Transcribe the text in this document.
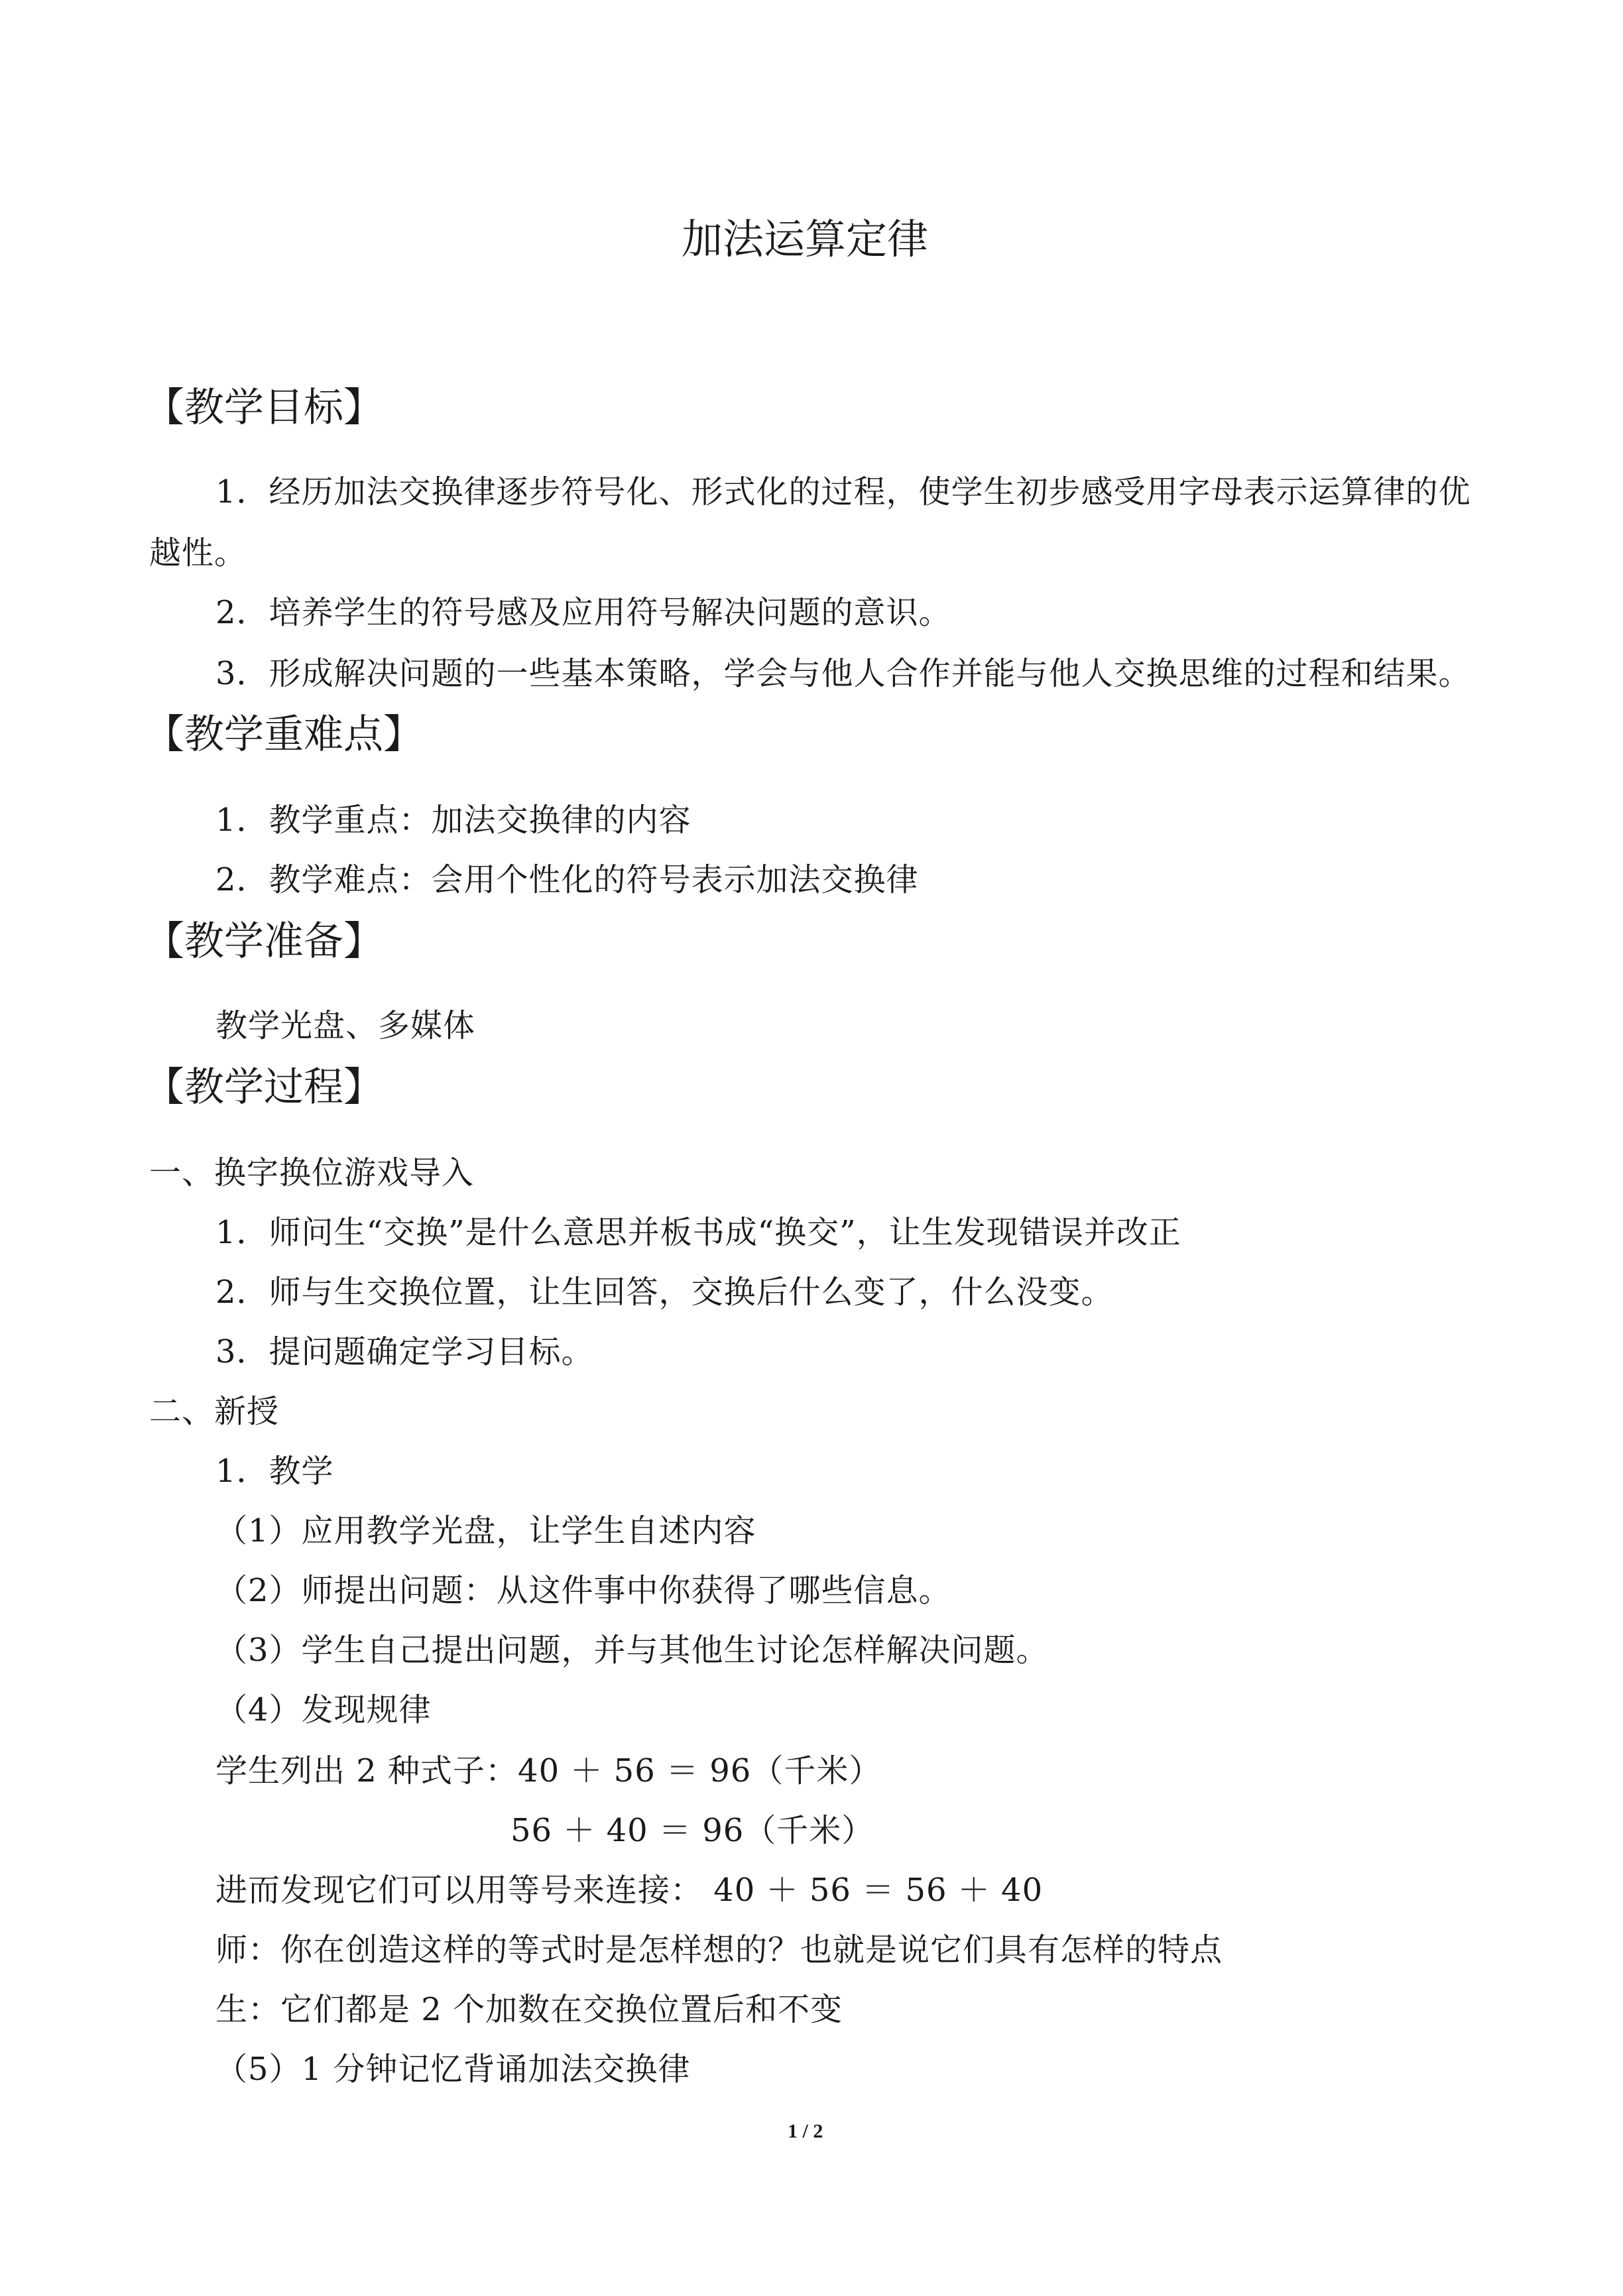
加法运算定律
【教学目标】
1．经历加法交换律逐步符号化、形式化的过程，使学生初步感受用字母表示运算律的优
越性。
2．培养学生的符号感及应用符号解决问题的意识。
3．形成解决问题的一些基本策略，学会与他人合作并能与他人交换思维的过程和结果。
【教学重难点】
1．教学重点：加法交换律的内容
2．教学难点：会用个性化的符号表示加法交换律
【教学准备】
教学光盘、多媒体
【教学过程】
一、换字换位游戏导入
1．师问生“交换”是什么意思并板书成“换交”，让生发现错误并改正
2．师与生交换位置，让生回答，交换后什么变了，什么没变。
3．提问题确定学习目标。
二、新授
1．教学
（1）应用教学光盘，让学生自述内容
（2）师提出问题：从这件事中你获得了哪些信息。
（3）学生自己提出问题，并与其他生讨论怎样解决问题。
（4）发现规律
学生列出 2 种式子：40 ＋ 56 ＝ 96（千米）
56 ＋ 40 ＝ 96（千米）
进而发现它们可以用等号来连接： 40 ＋ 56 ＝ 56 ＋ 40
师：你在创造这样的等式时是怎样想的？也就是说它们具有怎样的特点
生：它们都是 2 个加数在交换位置后和不变
（5）1 分钟记忆背诵加法交换律
1 / 2
